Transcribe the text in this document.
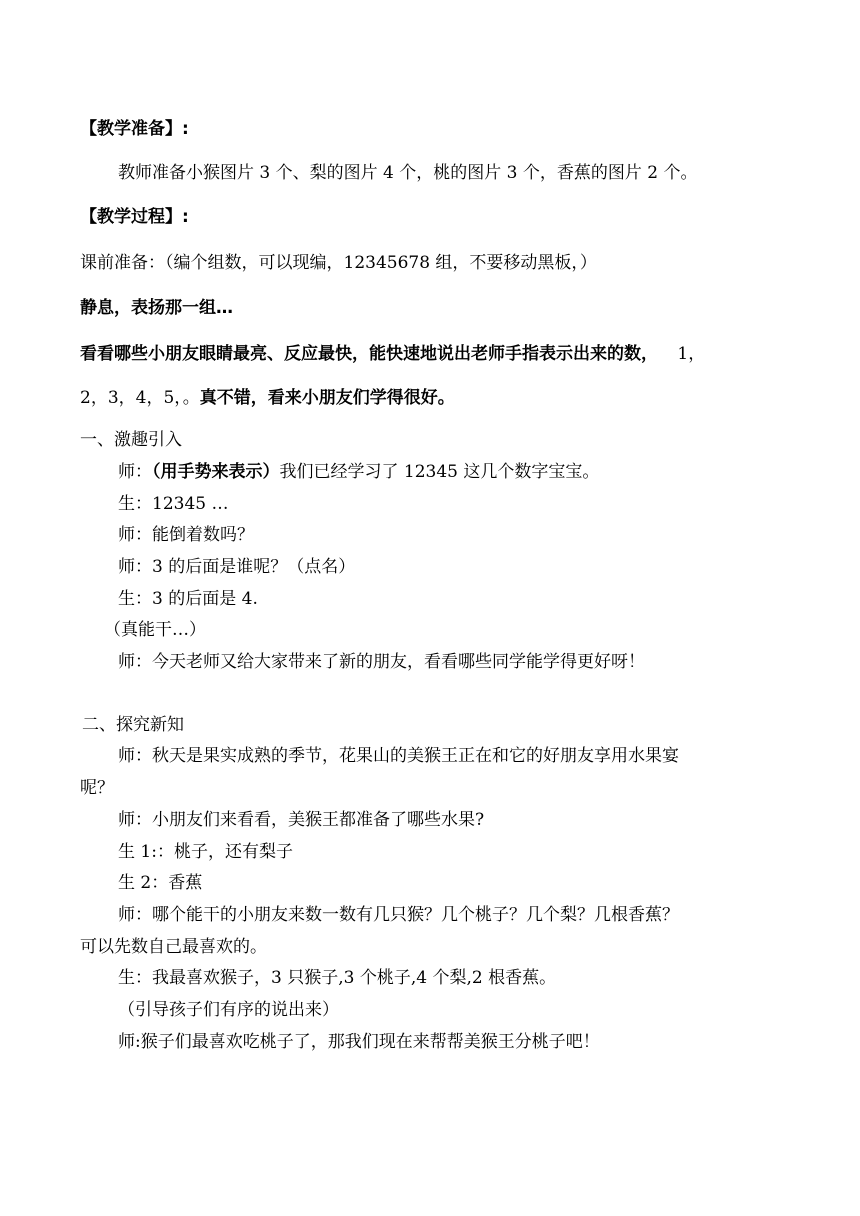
【教学准备】:
教师准备小猴图片 3 个、梨的图片 4 个，桃的图片 3 个，香蕉的图片 2 个。
【教学过程】:
课前准备：（编个组数，可以现编，12345678 组，不要移动黑板，）
静息，表扬那一组…
看看哪些小朋友眼睛最亮、反应最快，能快速地说出老师手指表示出来的数， 1，
2，3，4，5，。真不错，看来小朋友们学得很好。
一、激趣引入
师：（用手势来表示）我们已经学习了 12345 这几个数字宝宝。
生：12345 …
师：能倒着数吗？
师：3 的后面是谁呢？（点名）
生：3 的后面是 4.
（真能干…）
师：今天老师又给大家带来了新的朋友，看看哪些同学能学得更好呀！
二、探究新知
师：秋天是果实成熟的季节，花果山的美猴王正在和它的好朋友享用水果宴
呢？
师：小朋友们来看看，美猴王都准备了哪些水果?
生 1:：桃子，还有梨子
生 2：香蕉
师：哪个能干的小朋友来数一数有几只猴？几个桃子？几个梨？几根香蕉？
可以先数自己最喜欢的。
生：我最喜欢猴子，3 只猴子,3 个桃子,4 个梨,2 根香蕉。
（引导孩子们有序的说出来）
师:猴子们最喜欢吃桃子了，那我们现在来帮帮美猴王分桃子吧！
